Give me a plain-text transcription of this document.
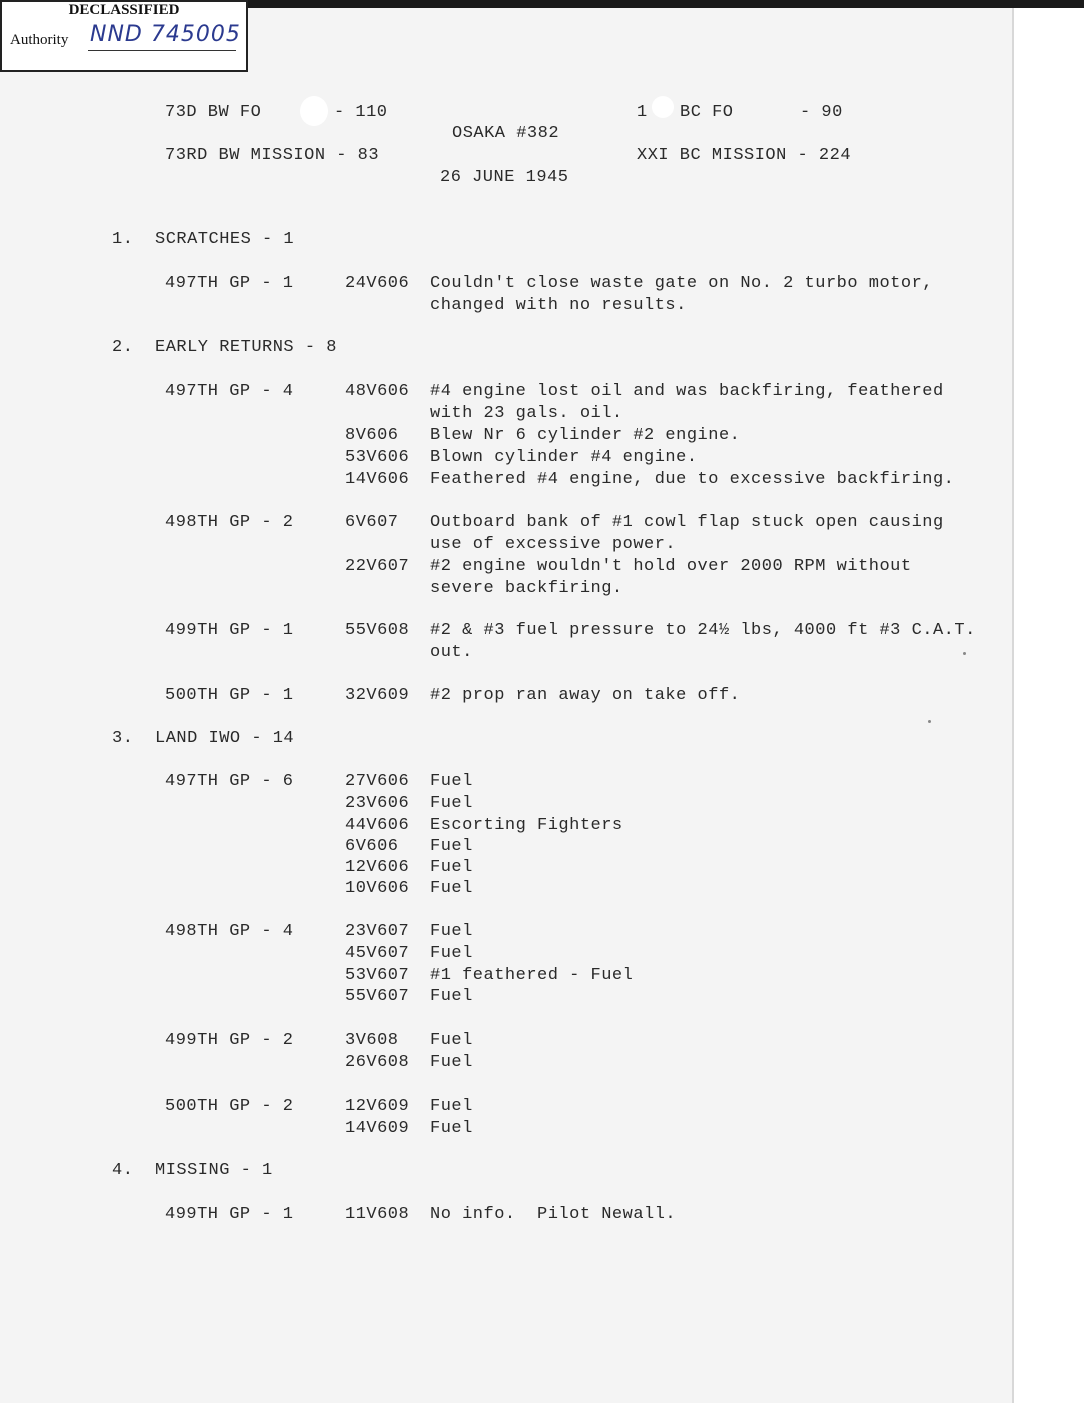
DECLASSIFIED
Authority NND 745005
73D BW FO	- 110
73RD BW MISSION - 83
OSAKA #382
26 JUNE 1945
1 BC FO	- 90
XXI BC MISSION - 224
1. SCRATCHES - 1
497TH GP - 1	24V606 Couldn't close waste gate on No. 2 turbo motor,
changed with no results.
2. EARLY RETURNS - 8
497TH GP - 4	48V606 #4 engine lost oil and was backfiring, feathered
with 23 gals. oil.
8V606 Blew Nr 6 cylinder #2 engine.
53V606 Blown cylinder #4 engine.
14V606 Feathered #4 engine, due to excessive backfiring.
498TH GP - 2	6V607 Outboard bank of #1 cowl flap stuck open causing
use of excessive power.
22V607 #2 engine wouldn't hold over 2000 RPM without
severe backfiring.
499TH GP - 1	55V608 #2 & #3 fuel pressure to 24½ lbs, 4000 ft #3 C.A.T.
out.
500TH GP - 1	32V609 #2 prop ran away on take off.
3. LAND IWO - 14
497TH GP - 6	27V606 Fuel
23V606 Fuel
44V606 Escorting Fighters
6V606 Fuel
12V606 Fuel
10V606 Fuel
498TH GP - 4	23V607 Fuel
45V607 Fuel
53V607 #1 feathered - Fuel
55V607 Fuel
499TH GP - 2	3V608 Fuel
26V608 Fuel
500TH GP - 2	12V609 Fuel
14V609 Fuel
4. MISSING - 1
499TH GP - 1	11V608 No info.  Pilot Newall.
